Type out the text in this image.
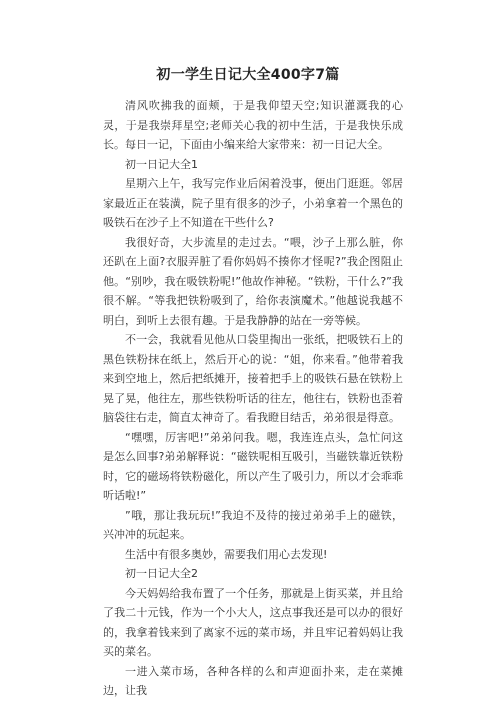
初一学生日记大全400字7篇

清风吹拂我的面颊，于是我仰望天空;知识灌溉我的心灵，于是我崇拜星空;老师关心我的初中生活，于是我快乐成长。每日一记，下面由小编来给大家带来：初一日记大全。

初一日记大全1

星期六上午，我写完作业后闲着没事，便出门逛逛。邻居家最近正在装潢，院子里有很多的沙子，小弟拿着一个黑色的吸铁石在沙子上不知道在干些什么?

我很好奇，大步流星的走过去。“喂，沙子上那么脏，你还趴在上面?衣服弄脏了看你妈妈不揍你才怪呢?”我企图阻止他。“别吵，我在吸铁粉呢!”他故作神秘。“铁粉，干什么?”我很不解。“等我把铁粉吸到了，给你表演魔术。”他越说我越不明白，到听上去很有趣。于是我静静的站在一旁等候。

不一会，我就看见他从口袋里掏出一张纸，把吸铁石上的黑色铁粉抹在纸上，然后开心的说：“姐，你来看。”他带着我来到空地上，然后把纸摊开，接着把手上的吸铁石悬在铁粉上晃了晃，他往左，那些铁粉听话的往左，他往右，铁粉也歪着脑袋往右走，简直太神奇了。看我瞪目结舌，弟弟很是得意。

“嘿嘿，厉害吧!”弟弟问我。嗯，我连连点头，急忙问这是怎么回事?弟弟解释说：“磁铁呢相互吸引，当磁铁靠近铁粉时，它的磁场将铁粉磁化，所以产生了吸引力，所以才会乖乖听话啦!”

”哦，那让我玩玩!”我迫不及待的接过弟弟手上的磁铁，兴冲冲的玩起来。

生活中有很多奥妙，需要我们用心去发现!

初一日记大全2

今天妈妈给我布置了一个任务，那就是上街买菜，并且给了我二十元钱，作为一个小大人，这点事我还是可以办的很好的，我拿着钱来到了离家不远的菜市场，并且牢记着妈妈让我买的菜名。

一进入菜市场，各种各样的么和声迎面扑来，走在菜摊边，让我
